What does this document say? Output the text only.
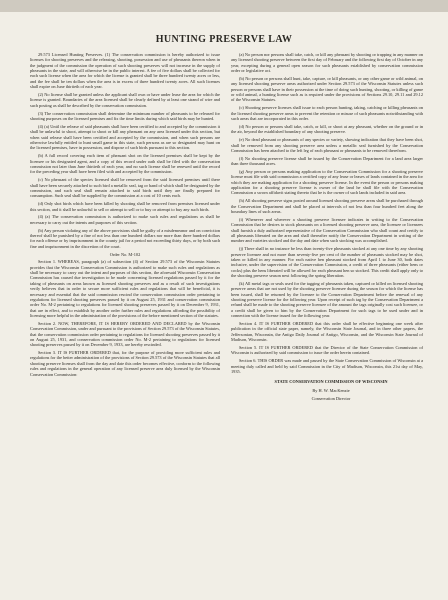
HUNTING PRESERVE LAW

29.573 Licensed Hunting Preserves. (1) The conservation commission is hereby authorized to issue licenses for shooting preserves and the releasing, shooting, possession and use of pheasants thereon when in the judgment of the commission the operation of such shooting preserves will not increase in the supply of pheasants in the state, and will otherwise be in the public interest. A fee of five dollars shall be collected for each such license when the area for which the license is granted shall be three hundred twenty acres or less, and the fee shall be ten dollars when the area is in excess of three hundred twenty acres. All such licenses shall expire on June thirtieth of each year.

(2) No license shall be granted unless the applicant shall own or have under lease the area for which the license is granted. Boundaries of the area licensed shall be clearly defined by at least one strand of wire and such posting as shall be described by the conservation commission.

(3) The conservation commission shall determine the minimum number of pheasants to be released for shooting purposes on the licensed premises and fix the time limits during which said birds may be hunted.

(4) (a) Until the release of said pheasants shall have been certified to and accepted by the commission it shall be unlawful to shoot, attempt to shoot or kill any pheasant on any area licensed under this section, but when said release shall have been certified and accepted by the commission, and when such persons are otherwise lawfully entitled to hunt small game in this state, such persons as are so designated may hunt on the licensed premises, have in possession, and dispose of such birds pursuant to this section.

(b) A full record covering each item of pheasant shot on the licensed premises shall be kept by the licensee or his designated agent, and a copy of this record under oath shall be filed with the conservation commission not later than June thirtieth of each year, and no such license shall be renewed until the record for the preceding year shall have been filed with and accepted by the commission.

(c) No pheasant of the species licensed shall be removed from the said licensed premises until there shall have been securely attached to such bird a metallic seal, tag or band of which shall be designated by the commission, and such seal shall remain attached to said birds until they are finally prepared for consumption. Such seal shall be supplied by the commission at a cost of 10 cents each.

(d) Only shot birds which have been killed by shooting shall be removed from premises licensed under this section, and it shall be unlawful to sell or attempt to sell or to buy or attempt to buy any such birds.

(4) (a) The conservation commission is authorized to make such rules and regulations as shall be necessary to carry out the intents and purposes of this section.

(b) Any person violating any of the above provisions shall be guilty of a misdemeanor and on conviction thereof shall be punished by a fine of not less than one hundred dollars nor more than three hundred dollars for each offense or by imprisonment in the county jail for a period not exceeding thirty days, or by both such fine and imprisonment in the discretion of the court.

Order No. M-102

Section 1. WHEREAS, paragraph (a) of subsection (4) of Section 29.573 of the Wisconsin Statutes provides that the Wisconsin Conservation Commission is authorized to make such rules and regulations as shall be necessary to carry out the intent and purposes of this section, the aforesaid Wisconsin Conservation Commission has caused due investigation to be made concerning licensed regulations passed by it for the taking of pheasants on areas known as licensed shooting preserves and as a result of such investigations verily believes that in order to secure more sufficient rules and regulations that will be beneficial, it is necessary and essential that the said commission rescind the conservation commission order pertaining to regulations for licensed shooting preserves passed by it on August 25, 1931 and conservation commission order No. M-2 pertaining to regulations for licensed shooting preserves passed by it on December 9, 1931, that are in effect, and to establish by another order further rules and regulations affording the possibility of licensing more helpful in the administration of the provisions of the before mentioned section of the statutes.

Section 2. NOW, THEREFORE, IT IS HEREBY ORDERED AND DECLARED by the Wisconsin Conservation Commission, under and pursuant to the provisions of Section 29.573 of the Wisconsin Statutes, that the conservation commission order pertaining to regulations for licensed shooting preserves passed by it on August 25, 1931, and conservation commission order No. M-2 pertaining to regulations for licensed shooting preserves passed by it on December 9, 1933, are hereby rescinded.

Section 3. IT IS FURTHER ORDERED that, for the purpose of providing more sufficient rules and regulations for the better administration of the provisions of Section 29.573 of the Wisconsin Statutes that all shooting preserve licenses shall from the day and date this order becomes effective, conform to the following rules and regulations in the general operation of any licensed preserve area duly licensed by the Wisconsin Conservation Commission:

(a) No person nor persons shall take, catch, or kill any pheasant by shooting or trapping in any manner on any licensed shooting preserve between the first day of February and the following first day of October in any year, excepting during a general open season for such pheasants established by conservation commission order or legislative act.

(b) No person or persons shall hunt, take, capture, or kill pheasants, or any other game or wild animal, on any licensed shooting preserve areas authorized under Section 29.573 of the Wisconsin Statutes unless such person or persons shall have in their possession at the time of doing such hunting, shooting, or killing of game or wild animal, a hunting license such as is required under the provisions of Sections 29.10, 29.11 and 29.12 of the Wisconsin Statutes.

(c) Shooting preserve licenses shall issue to each person hunting, taking, catching or killing pheasants on the licensed shooting preserve areas to prevent the retention or misuse of such pheasants notwithstanding with such areas that are incorporated in this order.

(d) No person or persons shall take, catch, or kill, or shoot at any pheasant, whether on the ground or in the air, beyond the established boundary of any shooting preserve.

(e) No dead pheasant or pheasants of any species or variety, showing indication that they have been shot, shall be removed from any shooting preserve area unless a metallic seal furnished by the Conservation Commission has been attached to the left leg of each pheasant or pheasants to be removed therefrom.

(f) No shooting preserve license shall be issued by the Conservation Department for a land area larger than three thousand acres.

(g) Any person or persons making application to the Conservation Commission for a shooting preserve license must file with said commission a certified copy of any lease or leases of lands contained in the area for which they are making application for a shooting preserve license. In the event the person or persons making application for a shooting preserve license is owner of the land he shall file with the Conservation Commission a sworn affidavit stating thereto that he is the owner of such lands included in said area.

(h) All shooting preserve signs posted around licensed shooting preserve areas shall be purchased through the Conservation Department and shall be placed at intervals of not less than four hundred feet along the boundary lines of such areas.

(i) Whenever and wherever a shooting preserve licensee indicates in writing to the Conservation Commission that he desires to stock pheasants on a licensed shooting preserve area, the licensee or licensees shall furnish a duly authorized representative of the Conservation Commission who shall count and certify to all pheasants liberated on the area and shall thereafter notify the Conservation Department in writing of the number and varieties stocked and the day and date when such stocking was accomplished.

(j) There shall in no instance be less than twenty-five pheasants stocked at any one time by any shooting preserve licensee and not more than seventy-five per cent of the number of pheasants stocked may be shot, taken or killed in any manner. For each native hen pheasant stocked from April 1 to June 30, both dates inclusive, under the supervision of the Conservation Commission, a credit of three pheasants (either hens or cocks) plus the hens liberated will be allowed for each pheasant hen so stocked. This credit shall apply only to the shooting preserve season next following the spring liberation.

(k) All metal tags or seals used for the tagging of pheasants taken, captured or killed on licensed shooting preserve areas that are not used by the shooting preserve licensee during the season for which the license has been issued, shall be returned by the licensee to the Conservation Department before the renewal of any shooting preserve license for the following year. Upon receipt of such tag by the Conservation Department a refund shall be made to the shooting preserve licensee of the amount the tags originally cost such licensee, or a credit shall be given to him by the Conservation Department for such tags to be used under and in connection with the license issued for the following year.

Section 4. IT IS FURTHER ORDERED that this order shall be effective beginning one week after publication in the official state paper, namely, the Wisconsin State Journal, and in three other papers, the Jeffersonian, Wisconsin, the Antigo Daily Journal of Antigo, Wisconsin, and the Wisconsin State Journal of Madison, Wisconsin.

Section 5. IT IS FURTHER ORDERED that the Director of the State Conservation Commission of Wisconsin is authorized by said commission to issue the order herein contained.

Section 6. THIS ORDER was made and passed by the State Conservation Commission of Wisconsin at a meeting duly called and held by said Commission in the City of Madison, Wisconsin, this 21st day of May, 1935.

STATE CONSERVATION COMMISSION OF WISCONSIN

By H. W. MacKenzie

Conservation Director
